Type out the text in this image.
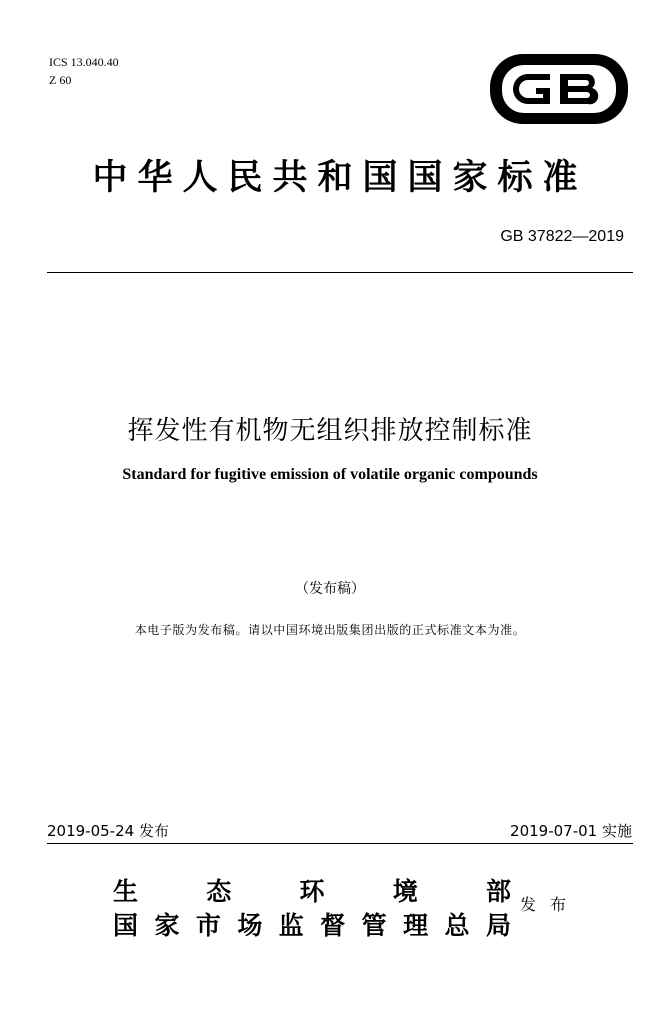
ICS 13.040.40
Z 60
中华人民共和国国家标准
GB 37822—2019
挥发性有机物无组织排放控制标准
Standard for fugitive emission of volatile organic compounds
（发布稿）
本电子版为发布稿。请以中国环境出版集团出版的正式标准文本为准。
2019-05-24 发布	2019-07-01 实施
生	态	环	境	部
国 家 市 场 监 督 管 理 总 局
发布
